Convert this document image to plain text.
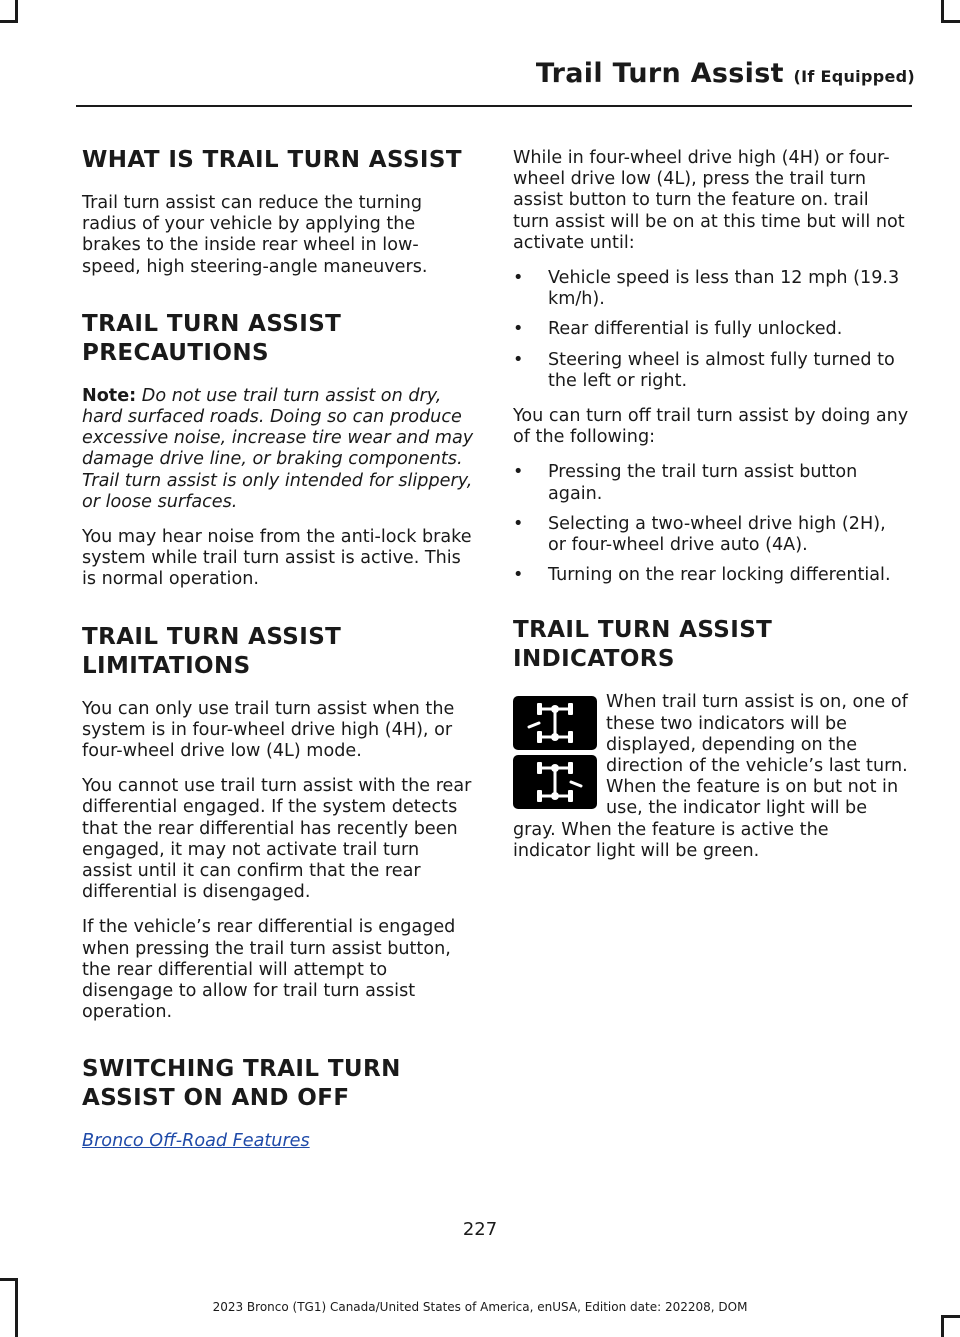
Trail Turn Assist (If Equipped)
WHAT IS TRAIL TURN ASSIST

Trail turn assist can reduce the turning radius of your vehicle by applying the brakes to the inside rear wheel in low-speed, high steering-angle maneuvers.

TRAIL TURN ASSIST
PRECAUTIONS

Note: Do not use trail turn assist on dry, hard surfaced roads. Doing so can produce excessive noise, increase tire wear and may damage drive line, or braking components. Trail turn assist is only intended for slippery, or loose surfaces.

You may hear noise from the anti-lock brake system while trail turn assist is active. This is normal operation.

TRAIL TURN ASSIST
LIMITATIONS

You can only use trail turn assist when the system is in four-wheel drive high (4H), or four-wheel drive low (4L) mode.

You cannot use trail turn assist with the rear differential engaged. If the system detects that the rear differential has recently been engaged, it may not activate trail turn assist until it can confirm that the rear differential is disengaged.

If the vehicle’s rear differential is engaged when pressing the trail turn assist button, the rear differential will attempt to disengage to allow for trail turn assist operation.

SWITCHING TRAIL TURN
ASSIST ON AND OFF
Bronco Off-Road Features

While in four-wheel drive high (4H) or four-wheel drive low (4L), press the trail turn assist button to turn the feature on. trail turn assist will be on at this time but will not activate until:

• Vehicle speed is less than 12 mph (19.3 km/h).
• Rear differential is fully unlocked.
• Steering wheel is almost fully turned to the left or right.

You can turn off trail turn assist by doing any of the following:

• Pressing the trail turn assist button again.
• Selecting a two-wheel drive high (2H), or four-wheel drive auto (4A).
• Turning on the rear locking differential.
TRAIL TURN ASSIST
INDICATORS

When trail turn assist is on, one of these two indicators will be displayed, depending on the direction of the vehicle’s last turn. When the feature is on but not in use, the indicator light will be gray. When the feature is active the indicator light will be green.

227
2023 Bronco (TG1) Canada/United States of America, enUSA, Edition date: 202208, DOM
